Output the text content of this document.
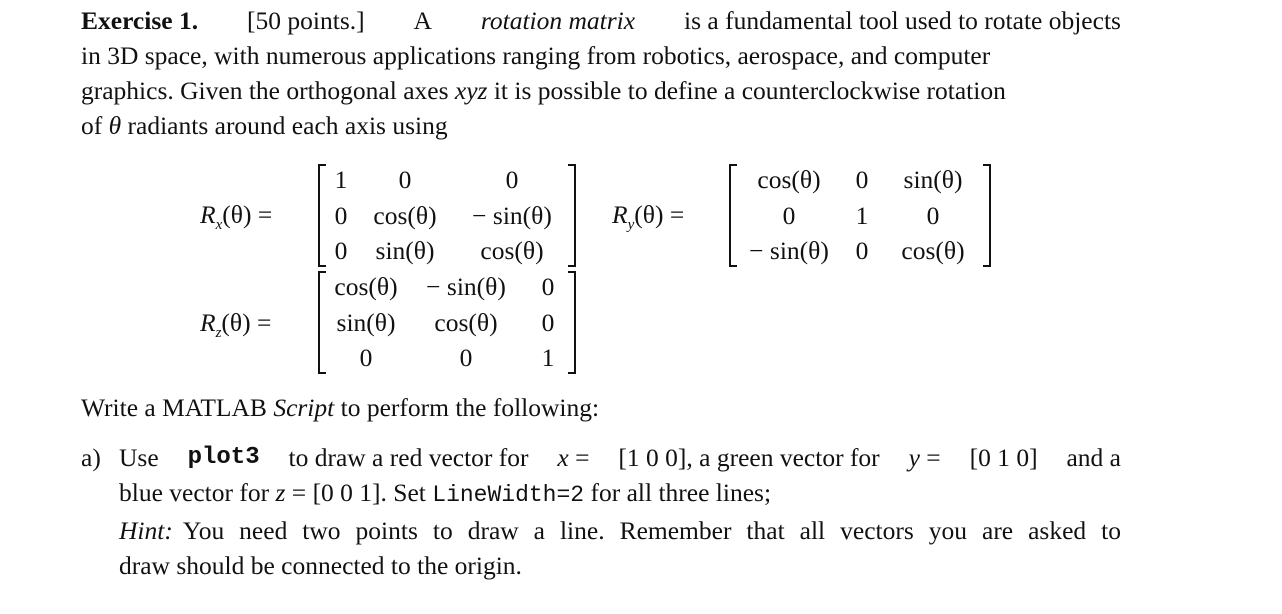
Exercise 1. [50 points.] A rotation matrix is a fundamental tool used to rotate objects
in 3D space, with numerous applications ranging from robotics, aerospace, and computer
graphics. Given the orthogonal axes xyz it is possible to define a counterclockwise rotation
of θ radiants around each axis using
$R_x(\theta)$ =
1	0	0
0	cos(θ)	− sin(θ)
0	sin(θ)	cos(θ)
$R_y(\theta)$ =
cos(θ)	0	sin(θ)
0	1	0
− sin(θ)	0	cos(θ)
$R_z(\theta)$ =
cos(θ)	− sin(θ)	0
sin(θ)	cos(θ)	0
0	0	1
Write a MATLAB Script to perform the following:
a) Use plot3 to draw a red vector for x = [1 0 0], a green vector for y = [0 1 0] and a
blue vector for z = [0 0 1]. Set LineWidth=2 for all three lines;
Hint: You need two points to draw a line. Remember that all vectors you are asked to
draw should be connected to the origin.
